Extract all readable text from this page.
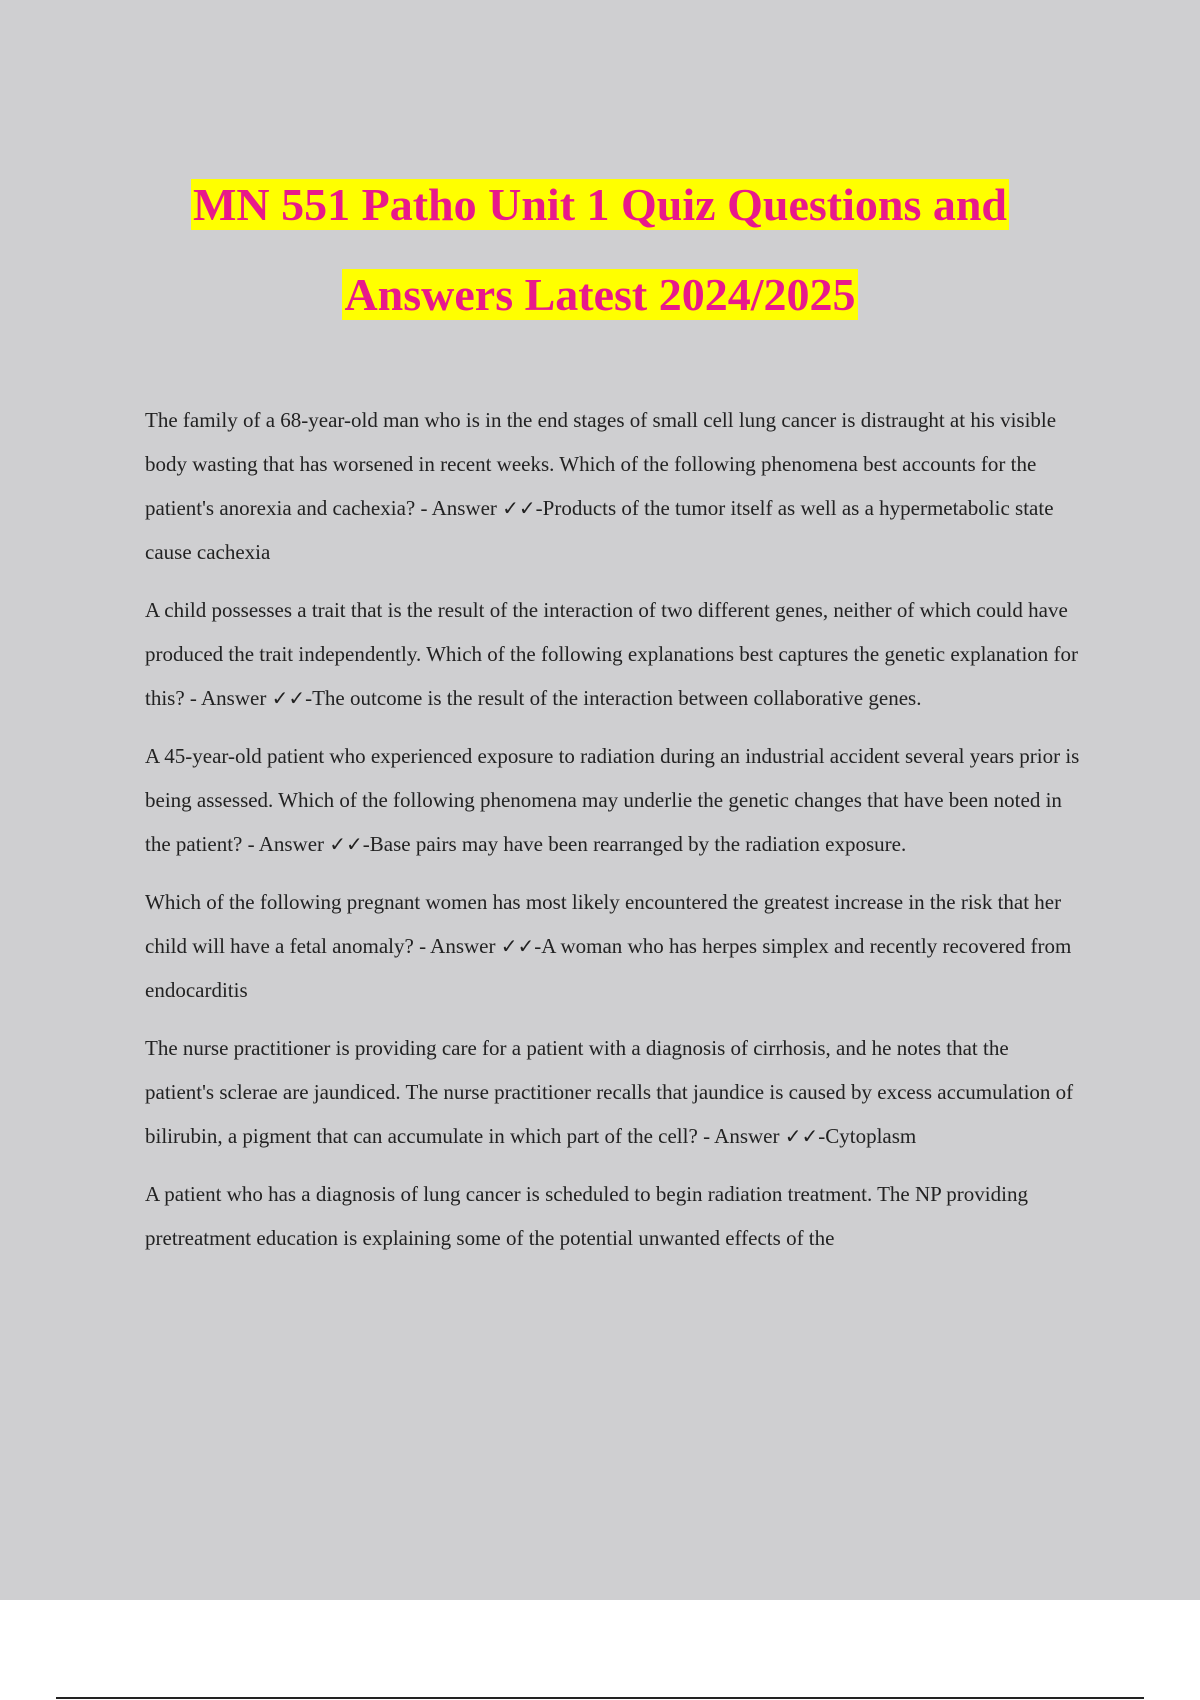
MN 551 Patho Unit 1 Quiz Questions and
Answers Latest 2024/2025

The family of a 68-year-old man who is in the end stages of small cell lung cancer is distraught at his visible body wasting that has worsened in recent weeks. Which of the following phenomena best accounts for the patient's anorexia and cachexia? - Answer ✓✓-Products of the tumor itself as well as a hypermetabolic state cause cachexia

A child possesses a trait that is the result of the interaction of two different genes, neither of which could have produced the trait independently. Which of the following explanations best captures the genetic explanation for this? - Answer ✓✓-The outcome is the result of the interaction between collaborative genes.

A 45-year-old patient who experienced exposure to radiation during an industrial accident several years prior is being assessed. Which of the following phenomena may underlie the genetic changes that have been noted in the patient? - Answer ✓✓-Base pairs may have been rearranged by the radiation exposure.

Which of the following pregnant women has most likely encountered the greatest increase in the risk that her child will have a fetal anomaly? - Answer ✓✓-A woman who has herpes simplex and recently recovered from endocarditis

The nurse practitioner is providing care for a patient with a diagnosis of cirrhosis, and he notes that the patient's sclerae are jaundiced. The nurse practitioner recalls that jaundice is caused by excess accumulation of bilirubin, a pigment that can accumulate in which part of the cell? - Answer ✓✓-Cytoplasm

A patient who has a diagnosis of lung cancer is scheduled to begin radiation treatment. The NP providing pretreatment education is explaining some of the potential unwanted effects of the
